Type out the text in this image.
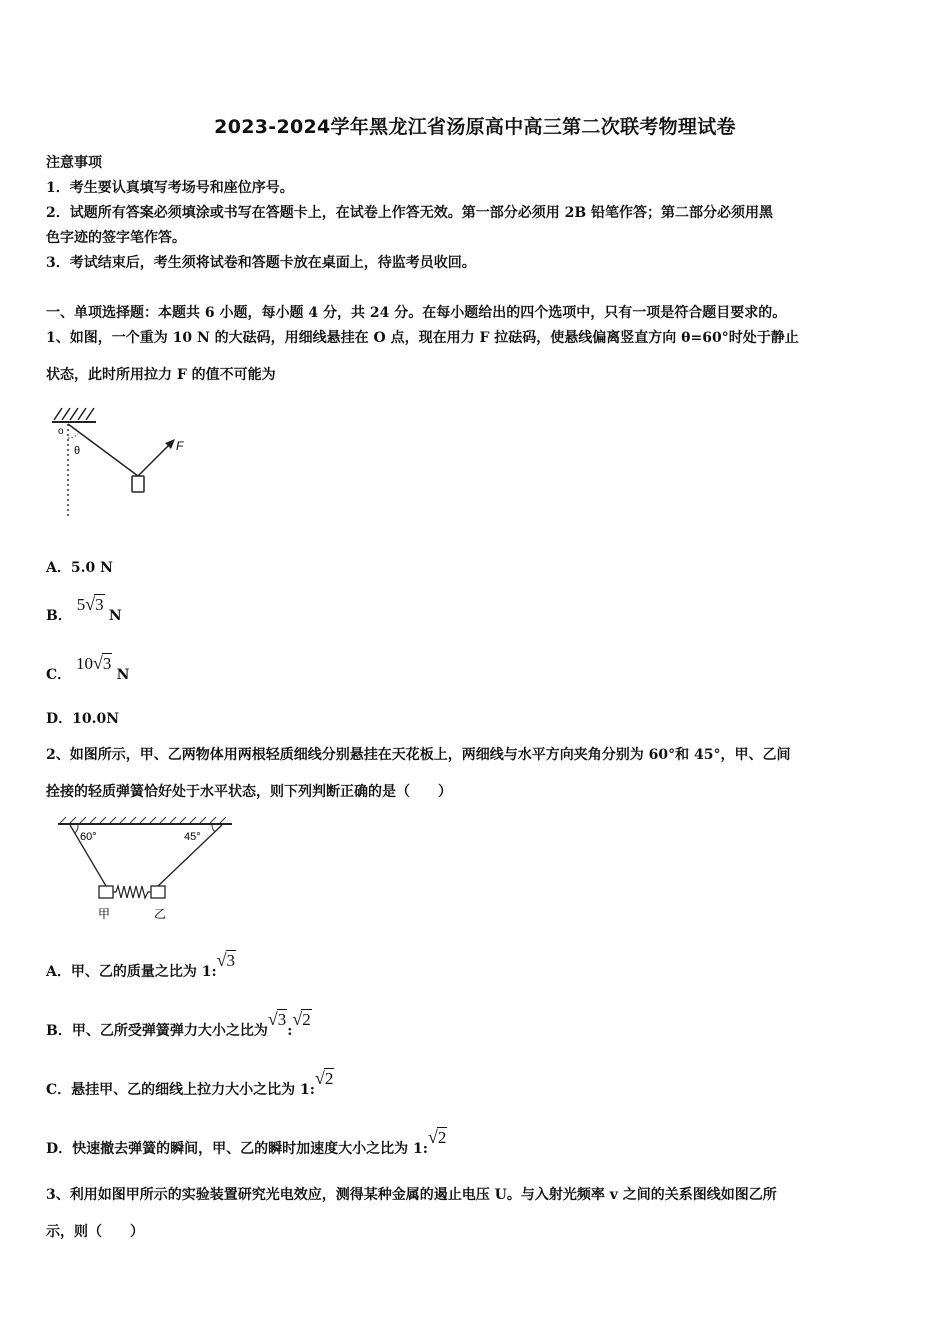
2023-2024学年黑龙江省汤原高中高三第二次联考物理试卷
注意事项
1．考生要认真填写考场号和座位序号。
2．试题所有答案必须填涂或书写在答题卡上，在试卷上作答无效。第一部分必须用 2B 铅笔作答；第二部分必须用黑
色字迹的签字笔作答。
3．考试结束后，考生须将试卷和答题卡放在桌面上，待监考员收回。
一、单项选择题：本题共 6 小题，每小题 4 分，共 24 分。在每小题给出的四个选项中，只有一项是符合题目要求的。
1、如图，一个重为 10 N 的大砝码，用细线悬挂在 O 点，现在用力 F 拉砝码，使悬线偏离竖直方向 θ=60°时处于静止
状态，此时所用拉力 F 的值不可能为
o
θ	F
A．5.0 N
B． 5√3 N
C． 10√3 N
D．10.0N
2、如图所示，甲、乙两物体用两根轻质细线分别悬挂在天花板上，两细线与水平方向夹角分别为 60°和 45°，甲、乙间
拴接的轻质弹簧恰好处于水平状态，则下列判断正确的是（　　）
60°	45°
甲	乙
A．甲、乙的质量之比为 1:√3
B．甲、乙所受弹簧弹力大小之比为√3:√2
C．悬挂甲、乙的细线上拉力大小之比为 1:√2
D．快速撤去弹簧的瞬间，甲、乙的瞬时加速度大小之比为 1:√2
3、利用如图甲所示的实验装置研究光电效应，测得某种金属的遏止电压 U。与入射光频率 v 之间的关系图线如图乙所
示，则（　　）
